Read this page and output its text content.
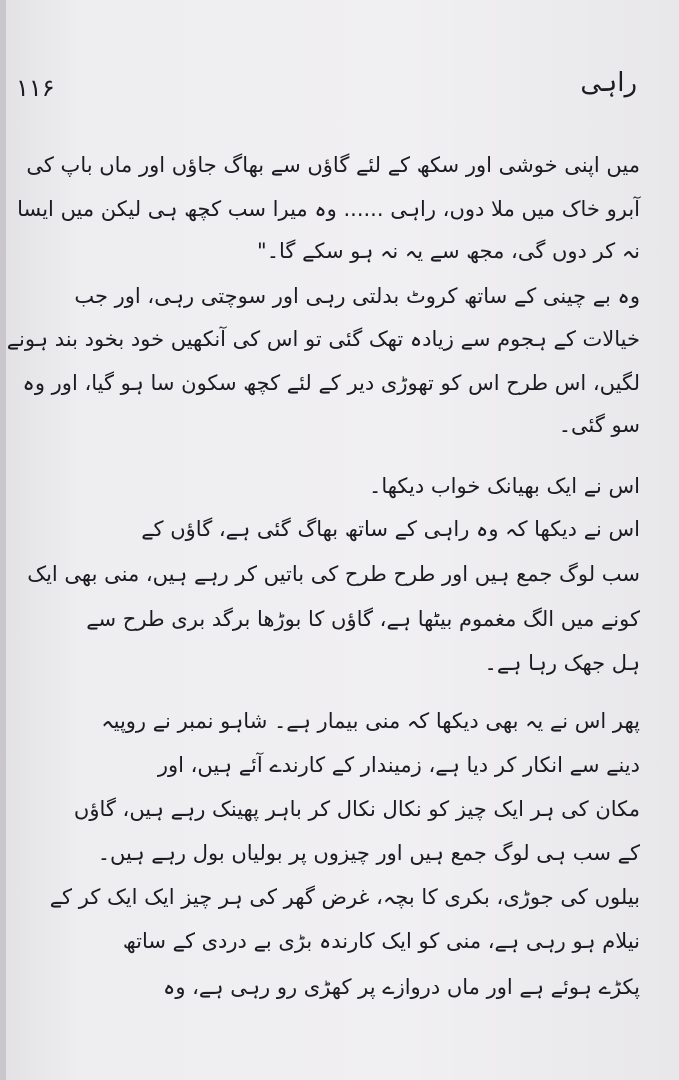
۱۱۶	راہی
میں اپنی خوشی اور سکھ کے لئے گاؤں سے بھاگ جاؤں اور ماں باپ کی
آبرو خاک میں ملا دوں، راہی ...... وہ میرا سب کچھ ہی لیکن میں ایسا
نہ کر دوں گی، مجھ سے یہ نہ ہو سکے گا۔"
وہ بے چینی کے ساتھ کروٹ بدلتی رہی اور سوچتی رہی، اور جب
خیالات کے ہجوم سے زیادہ تھک گئی تو اس کی آنکھیں خود بخود بند ہونے
لگیں، اس طرح اس کو تھوڑی دیر کے لئے کچھ سکون سا ہو گیا، اور وہ
سو گئی۔
اس نے ایک بھیانک خواب دیکھا۔
اس نے دیکھا کہ وہ راہی کے ساتھ بھاگ گئی ہے، گاؤں کے
سب لوگ جمع ہیں اور طرح طرح کی باتیں کر رہے ہیں، منی بھی ایک
کونے میں الگ مغموم بیٹھا ہے، گاؤں کا بوڑھا برگد بری طرح سے
ہل جھک رہا ہے۔
پھر اس نے یہ بھی دیکھا کہ منی بیمار ہے۔ شاہو نمبر نے روپیہ
دینے سے انکار کر دیا ہے، زمیندار کے کارندے آئے ہیں، اور
مکان کی ہر ایک چیز کو نکال نکال کر باہر پھینک رہے ہیں، گاؤں
کے سب ہی لوگ جمع ہیں اور چیزوں پر بولیاں بول رہے ہیں۔
بیلوں کی جوڑی، بکری کا بچہ، غرض گھر کی ہر چیز ایک ایک کر کے
نیلام ہو رہی ہے، منی کو ایک کارندہ بڑی بے دردی کے ساتھ
پکڑے ہوئے ہے اور ماں دروازے پر کھڑی رو رہی ہے، وہ
